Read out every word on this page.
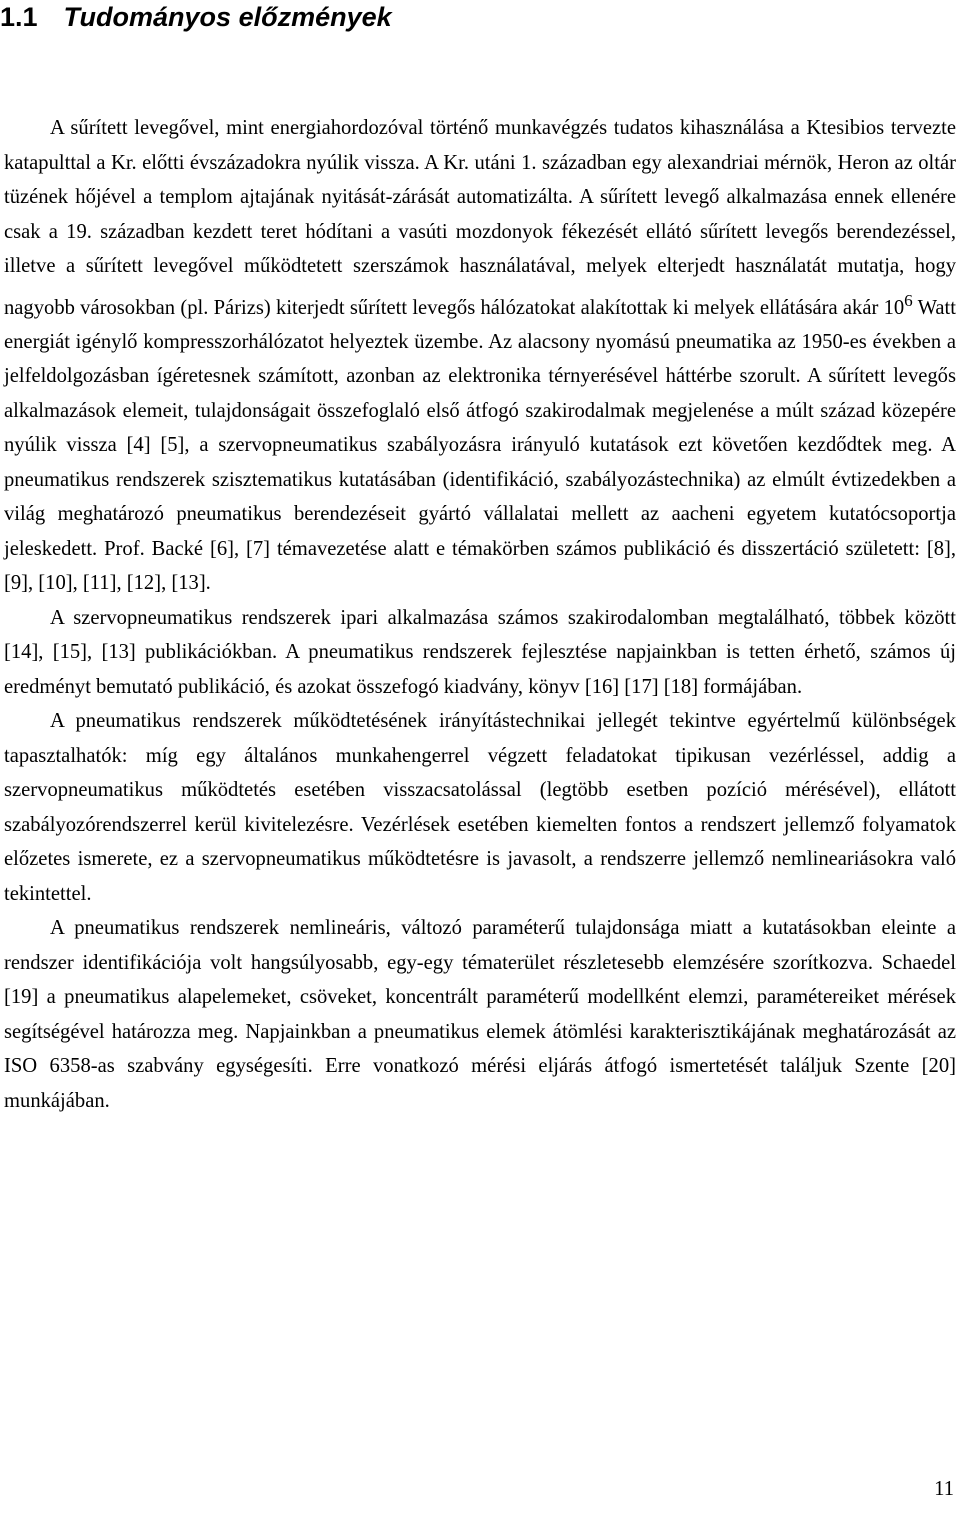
1.1 Tudományos előzmények

A sűrített levegővel, mint energiahordozóval történő munkavégzés tudatos kihasználása a Ktesibios tervezte katapulttal a Kr. előtti évszázadokra nyúlik vissza. A Kr. utáni 1. században egy alexandriai mérnök, Heron az oltár tüzének hőjével a templom ajtajának nyitását-zárását automatizálta. A sűrített levegő alkalmazása ennek ellenére csak a 19. században kezdett teret hódítani a vasúti mozdonyok fékezését ellátó sűrített levegős berendezéssel, illetve a sűrített levegővel működtetett szerszámok használatával, melyek elterjedt használatát mutatja, hogy nagyobb városokban (pl. Párizs) kiterjedt sűrített levegős hálózatokat alakítottak ki melyek ellátására akár $10^6$ Watt energiát igénylő kompresszorhálózatot helyeztek üzembe. Az alacsony nyomású pneumatika az 1950-es években a jelfeldolgozásban ígéretesnek számított, azonban az elektronika térnyerésével háttérbe szorult. A sűrített levegős alkalmazások elemeit, tulajdonságait összefoglaló első átfogó szakirodalmak megjelenése a múlt század közepére nyúlik vissza [4] [5], a szervopneumatikus szabályozásra irányuló kutatások ezt követően kezdődtek meg. A pneumatikus rendszerek szisztematikus kutatásában (identifikáció, szabályozástechnika) az elmúlt évtizedekben a világ meghatározó pneumatikus berendezéseit gyártó vállalatai mellett az aacheni egyetem kutatócsoportja jeleskedett. Prof. Backé [6], [7] témavezetése alatt e témakörben számos publikáció és disszertáció született: [8], [9], [10], [11], [12], [13].

A szervopneumatikus rendszerek ipari alkalmazása számos szakirodalomban megtalálható, többek között [14], [15], [13] publikációkban. A pneumatikus rendszerek fejlesztése napjainkban is tetten érhető, számos új eredményt bemutató publikáció, és azokat összefogó kiadvány, könyv [16] [17] [18] formájában.

A pneumatikus rendszerek működtetésének irányítástechnikai jellegét tekintve egyértelmű különbségek tapasztalhatók: míg egy általános munkahengerrel végzett feladatokat tipikusan vezérléssel, addig a szervopneumatikus működtetés esetében visszacsatolással (legtöbb esetben pozíció mérésével), ellátott szabályozórendszerrel kerül kivitelezésre. Vezérlések esetében kiemelten fontos a rendszert jellemző folyamatok előzetes ismerete, ez a szervopneumatikus működtetésre is javasolt, a rendszerre jellemző nemlineariásokra való tekintettel.

A pneumatikus rendszerek nemlineáris, változó paraméterű tulajdonsága miatt a kutatásokban eleinte a rendszer identifikációja volt hangsúlyosabb, egy-egy tématerület részletesebb elemzésére szorítkozva. Schaedel [19] a pneumatikus alapelemeket, csöveket, koncentrált paraméterű modellként elemzi, paramétereiket mérések segítségével határozza meg. Napjainkban a pneumatikus elemek átömlési karakterisztikájának meghatározását az ISO 6358-as szabvány egységesíti. Erre vonatkozó mérési eljárás átfogó ismertetését találjuk Szente [20] munkájában.

11
